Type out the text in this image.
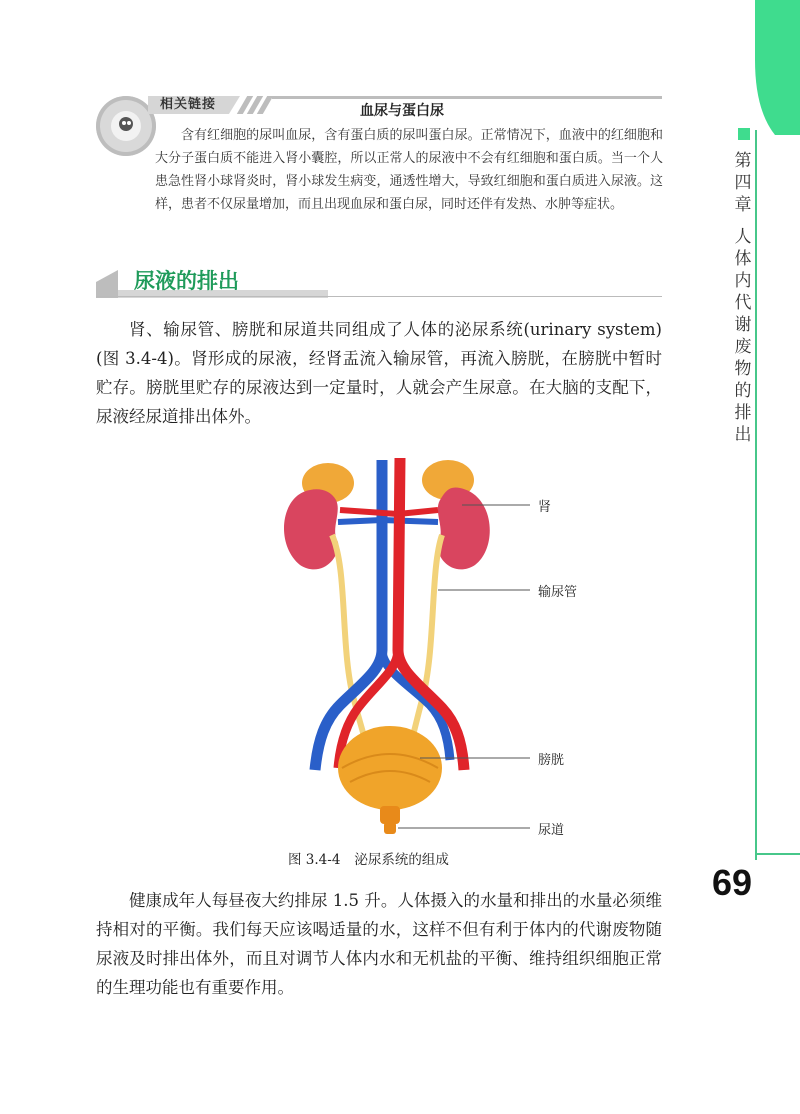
第
四
章
人
体
内
代
谢
废
物
的
排
出
69
相关链接	血尿与蛋白尿

含有红细胞的尿叫血尿，含有蛋白质的尿叫蛋白尿。正常情况下，血液中的红细胞和大分子蛋白质不能进入肾小囊腔，所以正常人的尿液中不会有红细胞和蛋白质。当一个人患急性肾小球肾炎时，肾小球发生病变，通透性增大，导致红细胞和蛋白质进入尿液。这样，患者不仅尿量增加，而且出现血尿和蛋白尿，同时还伴有发热、水肿等症状。

尿液的排出

肾、输尿管、膀胱和尿道共同组成了人体的泌尿系统(urinary system)(图 3.4-4)。肾形成的尿液，经肾盂流入输尿管，再流入膀胱，在膀胱中暂时贮存。膀胱里贮存的尿液达到一定量时，人就会产生尿意。在大脑的支配下，尿液经尿道排出体外。

肾
输尿管
膀胱
尿道
图 3.4-4 泌尿系统的组成

健康成年人每昼夜大约排尿 1.5 升。人体摄入的水量和排出的水量必须维持相对的平衡。我们每天应该喝适量的水，这样不但有利于体内的代谢废物随尿液及时排出体外，而且对调节人体内水和无机盐的平衡、维持组织细胞正常的生理功能也有重要作用。
